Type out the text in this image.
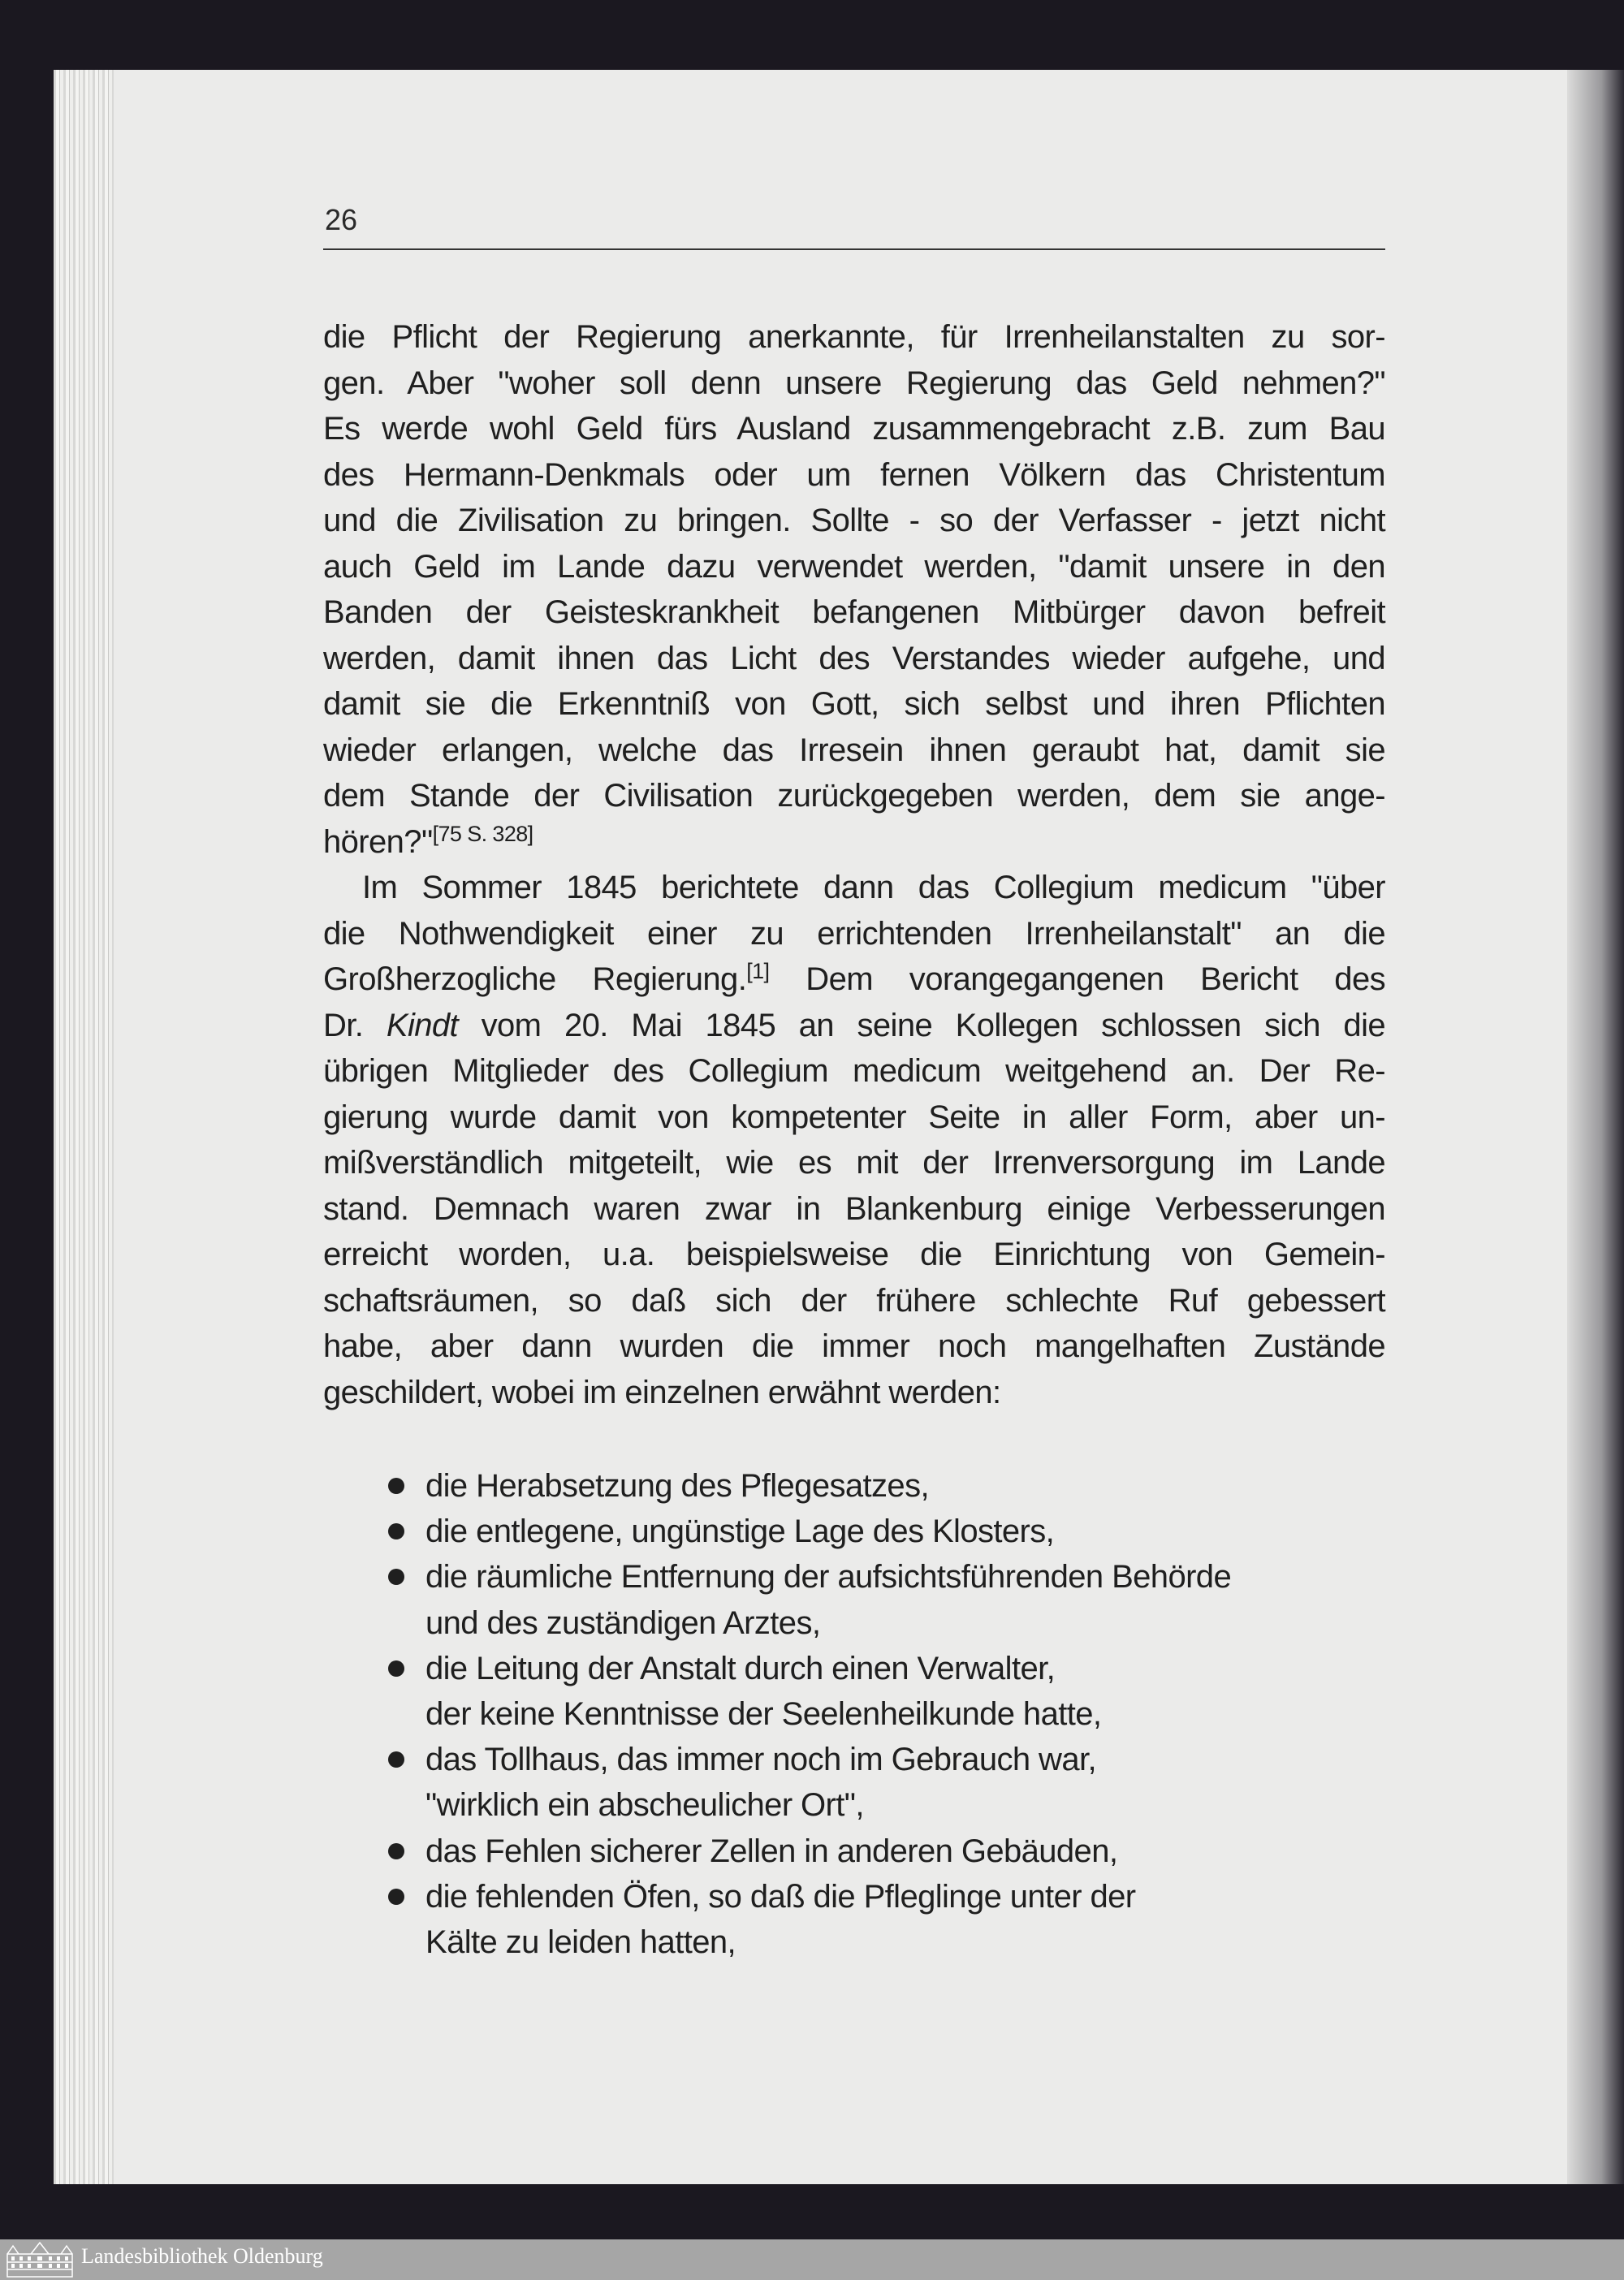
26
die Pflicht der Regierung anerkannte, für Irrenheilanstalten zu sor-
gen. Aber "woher soll denn unsere Regierung das Geld nehmen?"
Es werde wohl Geld fürs Ausland zusammengebracht z.B. zum Bau
des Hermann-Denkmals oder um fernen Völkern das Christentum
und die Zivilisation zu bringen. Sollte - so der Verfasser - jetzt nicht
auch Geld im Lande dazu verwendet werden, "damit unsere in den
Banden der Geisteskrankheit befangenen Mitbürger davon befreit
werden, damit ihnen das Licht des Verstandes wieder aufgehe, und
damit sie die Erkenntniß von Gott, sich selbst und ihren Pflichten
wieder erlangen, welche das Irresein ihnen geraubt hat, damit sie
dem Stande der Civilisation zurückgegeben werden, dem sie ange-
hören?"[75 S. 328]
Im Sommer 1845 berichtete dann das Collegium medicum "über
die Nothwendigkeit einer zu errichtenden Irrenheilanstalt" an die
Großherzogliche Regierung.[1] Dem vorangegangenen Bericht des
Dr. Kindt vom 20. Mai 1845 an seine Kollegen schlossen sich die
übrigen Mitglieder des Collegium medicum weitgehend an. Der Re-
gierung wurde damit von kompetenter Seite in aller Form, aber un-
mißverständlich mitgeteilt, wie es mit der Irrenversorgung im Lande
stand. Demnach waren zwar in Blankenburg einige Verbesserungen
erreicht worden, u.a. beispielsweise die Einrichtung von Gemein-
schaftsräumen, so daß sich der frühere schlechte Ruf gebessert
habe, aber dann wurden die immer noch mangelhaften Zustände
geschildert, wobei im einzelnen erwähnt werden:
die Herabsetzung des Pflegesatzes,
die entlegene, ungünstige Lage des Klosters,
die räumliche Entfernung der aufsichtsführenden Behörde
und des zuständigen Arztes,
die Leitung der Anstalt durch einen Verwalter,
der keine Kenntnisse der Seelenheilkunde hatte,
das Tollhaus, das immer noch im Gebrauch war,
"wirklich ein abscheulicher Ort",
das Fehlen sicherer Zellen in anderen Gebäuden,
die fehlenden Öfen, so daß die Pfleglinge unter der
Kälte zu leiden hatten,
Landesbibliothek Oldenburg
